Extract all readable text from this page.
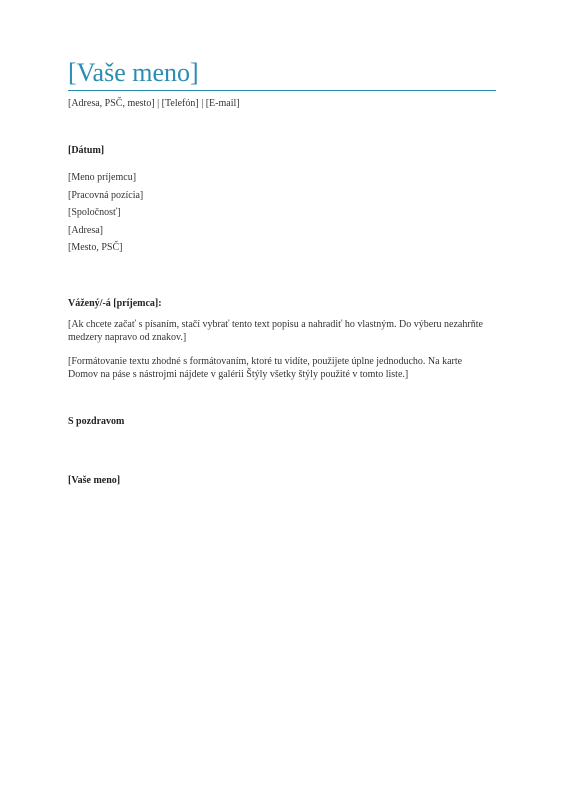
[Vaše meno]
[Adresa, PSČ, mesto] | [Telefón] | [E-mail]
[Dátum]
[Meno príjemcu]
[Pracovná pozícia]
[Spoločnosť]
[Adresa]
[Mesto, PSČ]
Vážený/-á [príjemca]:
[Ak chcete začať s písaním, stačí vybrať tento text popisu a nahradiť ho vlastným. Do výberu nezahrňte medzery napravo od znakov.]
[Formátovanie textu zhodné s formátovaním, ktoré tu vidíte, použijete úplne jednoducho. Na karte Domov na páse s nástrojmi nájdete v galérii Štýly všetky štýly použité v tomto liste.]
S pozdravom
[Vaše meno]
